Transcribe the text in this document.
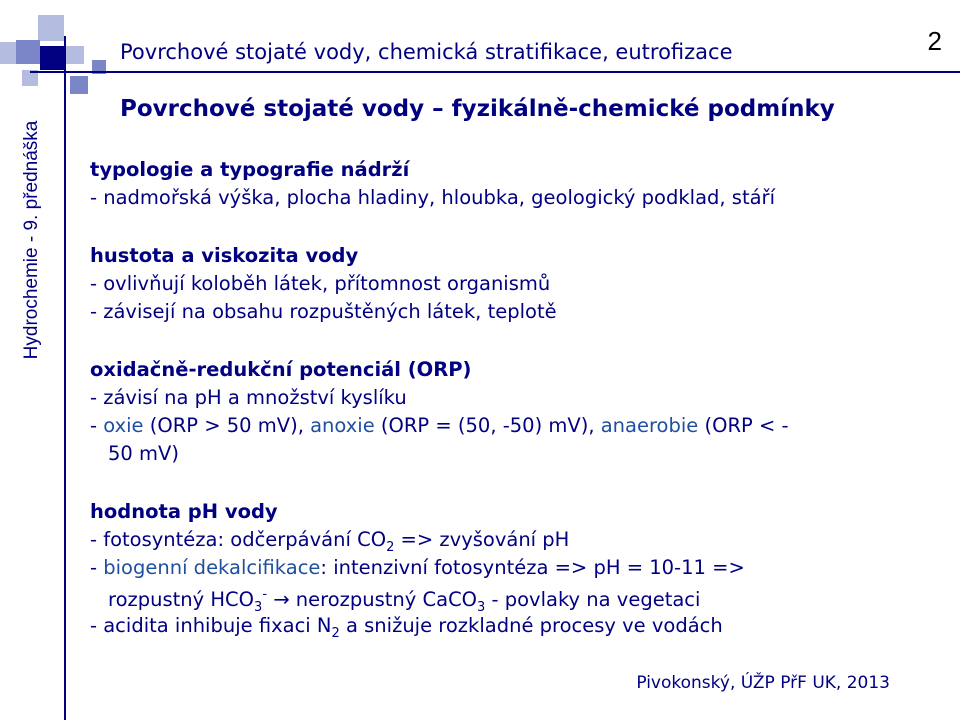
Hydrochemie - 9. přednáška
Povrchové stojaté vody, chemická stratifikace, eutrofizace	2
Povrchové stojaté vody – fyzikálně-chemické podmínky
typologie a typografie nádrží
- nadmořská výška, plocha hladiny, hloubka, geologický podklad, stáří
hustota a viskozita vody
- ovlivňují koloběh látek, přítomnost organismů
- závisejí na obsahu rozpuštěných látek, teplotě
oxidačně-redukční potenciál (ORP)
- závisí na pH a množství kyslíku
- oxie (ORP > 50 mV), anoxie (ORP = (50, -50) mV), anaerobie (ORP < -
50 mV)
hodnota pH vody
- fotosyntéza: odčerpávání $CO_2$ => zvyšování pH
- biogenní dekalcifikace: intenzivní fotosyntéza => pH = 10-11 =>
rozpustný $HCO_3^-$ → nerozpustný CaCO$_3$ - povlaky na vegetaci
- acidita inhibuje fixaci $N_2$ a snižuje rozkladné procesy ve vodách
Pivokonský, ÚŽP PřF UK, 2013
